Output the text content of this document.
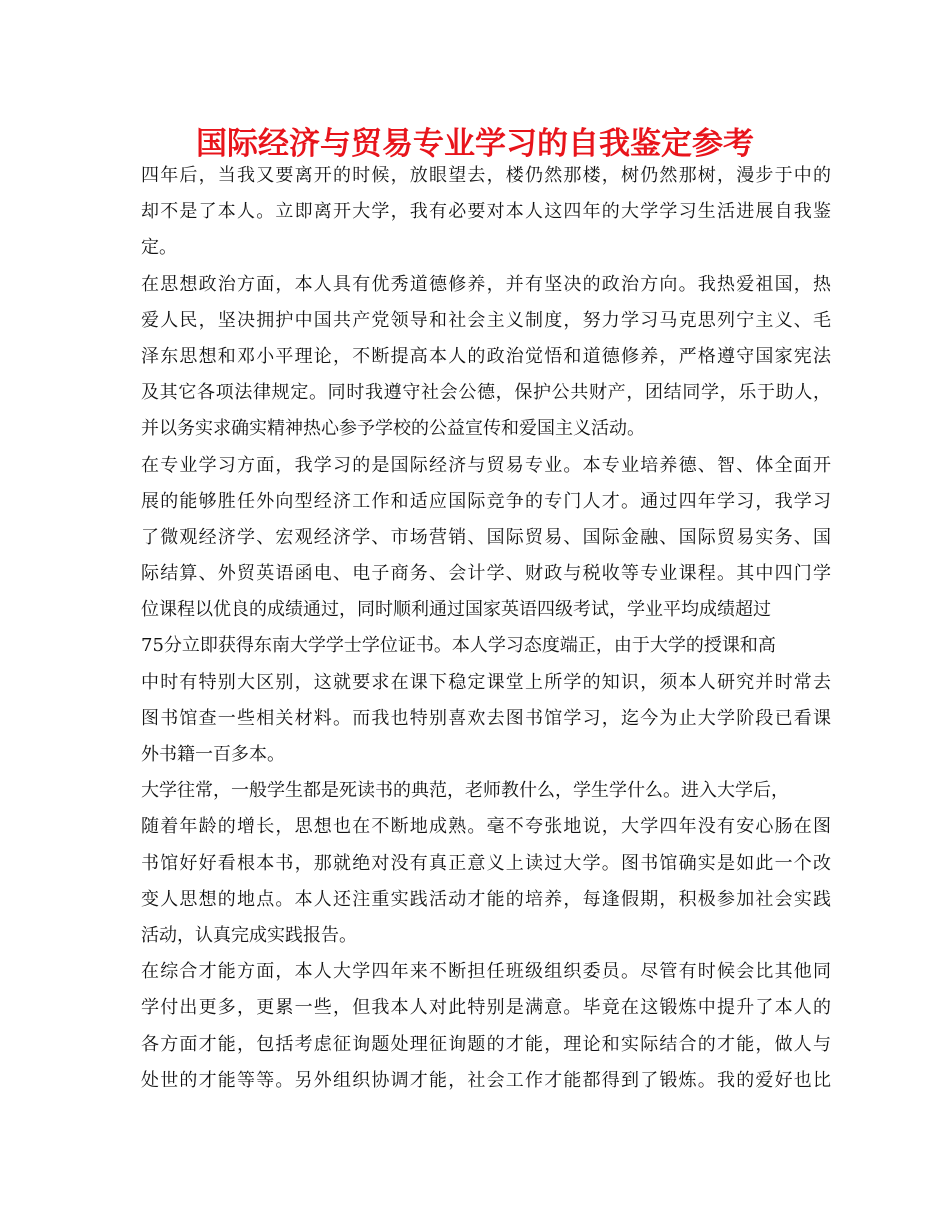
国际经济与贸易专业学习的自我鉴定参考
四年后，当我又要离开的时候，放眼望去，楼仍然那楼，树仍然那树，漫步于中的
却不是了本人。立即离开大学，我有必要对本人这四年的大学学习生活进展自我鉴
定。
在思想政治方面，本人具有优秀道德修养，并有坚决的政治方向。我热爱祖国，热
爱人民，坚决拥护中国共产党领导和社会主义制度，努力学习马克思列宁主义、毛
泽东思想和邓小平理论，不断提高本人的政治觉悟和道德修养，严格遵守国家宪法
及其它各项法律规定。同时我遵守社会公德，保护公共财产，团结同学，乐于助人，
并以务实求确实精神热心参予学校的公益宣传和爱国主义活动。
在专业学习方面，我学习的是国际经济与贸易专业。本专业培养德、智、体全面开
展的能够胜任外向型经济工作和适应国际竞争的专门人才。通过四年学习，我学习
了微观经济学、宏观经济学、市场营销、国际贸易、国际金融、国际贸易实务、国
际结算、外贸英语函电、电子商务、会计学、财政与税收等专业课程。其中四门学
位课程以优良的成绩通过，同时顺利通过国家英语四级考试，学业平均成绩超过
75分立即获得东南大学学士学位证书。本人学习态度端正，由于大学的授课和高
中时有特别大区别，这就要求在课下稳定课堂上所学的知识，须本人研究并时常去
图书馆查一些相关材料。而我也特别喜欢去图书馆学习，迄今为止大学阶段已看课
外书籍一百多本。
大学往常，一般学生都是死读书的典范，老师教什么，学生学什么。进入大学后，
随着年龄的增长，思想也在不断地成熟。毫不夸张地说，大学四年没有安心肠在图
书馆好好看根本书，那就绝对没有真正意义上读过大学。图书馆确实是如此一个改
变人思想的地点。本人还注重实践活动才能的培养，每逢假期，积极参加社会实践
活动，认真完成实践报告。
在综合才能方面，本人大学四年来不断担任班级组织委员。尽管有时候会比其他同
学付出更多，更累一些，但我本人对此特别是满意。毕竟在这锻炼中提升了本人的
各方面才能，包括考虑征询题处理征询题的才能，理论和实际结合的才能，做人与
处世的才能等等。另外组织协调才能，社会工作才能都得到了锻炼。我的爱好也比
